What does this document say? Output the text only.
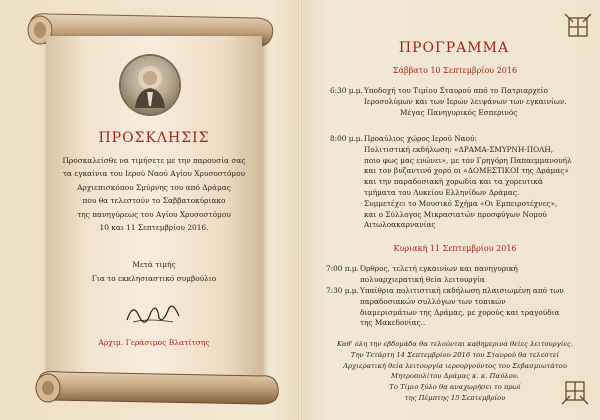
ΠΡΟΣΚΛΗΣΙΣ
Προσκαλείσθε να τιμήσετε με την παρουσία σας
τα εγκαίνια του Ιερού Ναού Αγίου Χρυσοστόμου
Αρχιεπισκόπου Σμύρνης του από Δράμας
που θα τελεστούν το Σαββατοκύριακο
της πανηγύρεως του Αγίου Χρυσοστόμου
10 και 11 Σεπτεμβρίου 2016.
Μετά τιμής
Για το εκκλησιαστικό συμβούλιο
Αρχιμ. Γεράσιμος Βλατίτσης
ΠΡΟΓΡΑΜΜΑ
Σάββατο 10 Σεπτεμβρίου 2016
6:30 μ.μ.Υποδοχή του Τιμίου Σταυρού από το Πατριαρχείο
Ιεροσολύμων και των Ιερών λειψάνων των εγκαινίων.
Μέγας Πανηγυρικός Εσπερινός
8:00 μ.μ.Προαύλιος χώρος Ιερού Ναού:
Πολιτιστική εκδήλωση: «ΔΡΑΜΑ-ΣΜΥΡΝΗ-ΠΟΛΗ,
ποιο φως μας ενώνει», με τον Γρηγόρη Παπαεμμανουήλ
και τον βυζαντινό χορό οι «ΔΟΜΕΣΤΙΚΟΙ της Δράμας»
και την παραδοσιακή χορωδία και τα χορευτικά
τμήματα του Λυκείου Ελληνίδων Δράμας.
Συμμετέχει το Μουσικό Σχήμα «Οι Εμπειροτέχνες»,
και ο Σύλλογος Μικρασιατών προσφύγων Νομού
Αιτωλοακαρνανίας
Κυριακή 11 Σεπτεμβρίου 2016
7:00 π.μ.Όρθρος, τελετή εγκαινίων και πανηγυρική
πολυαρχιερατική θεία λειτουργία
7:30 μ.μ.Υπαίθρια πολιτιστική εκδήλωση πλαισιωμένη από των
παραδοσιακών συλλόγων των τοπικών
διαμερισμάτων της Δράμας, με χορούς και τραγούδια
της Μακεδονίας..
Καθ' όλη την εβδομάδα θα τελούνται καθημερινά θείες λειτουργίες.
Την Τετάρτη 14 Σεπτεμβρίου 2016 του Σταυρού θα τελεστεί
Αρχιερατική θεία λειτουργία ιερουργούντος του Σεβασμιωτάτου
Μητροπολίτου Δράμας κ. κ. Παύλου.
Το Τίμιο ξύλο θα αναχωρήσει το πρωί
της Πέμπτης 15 Σεπτεμβρίου
